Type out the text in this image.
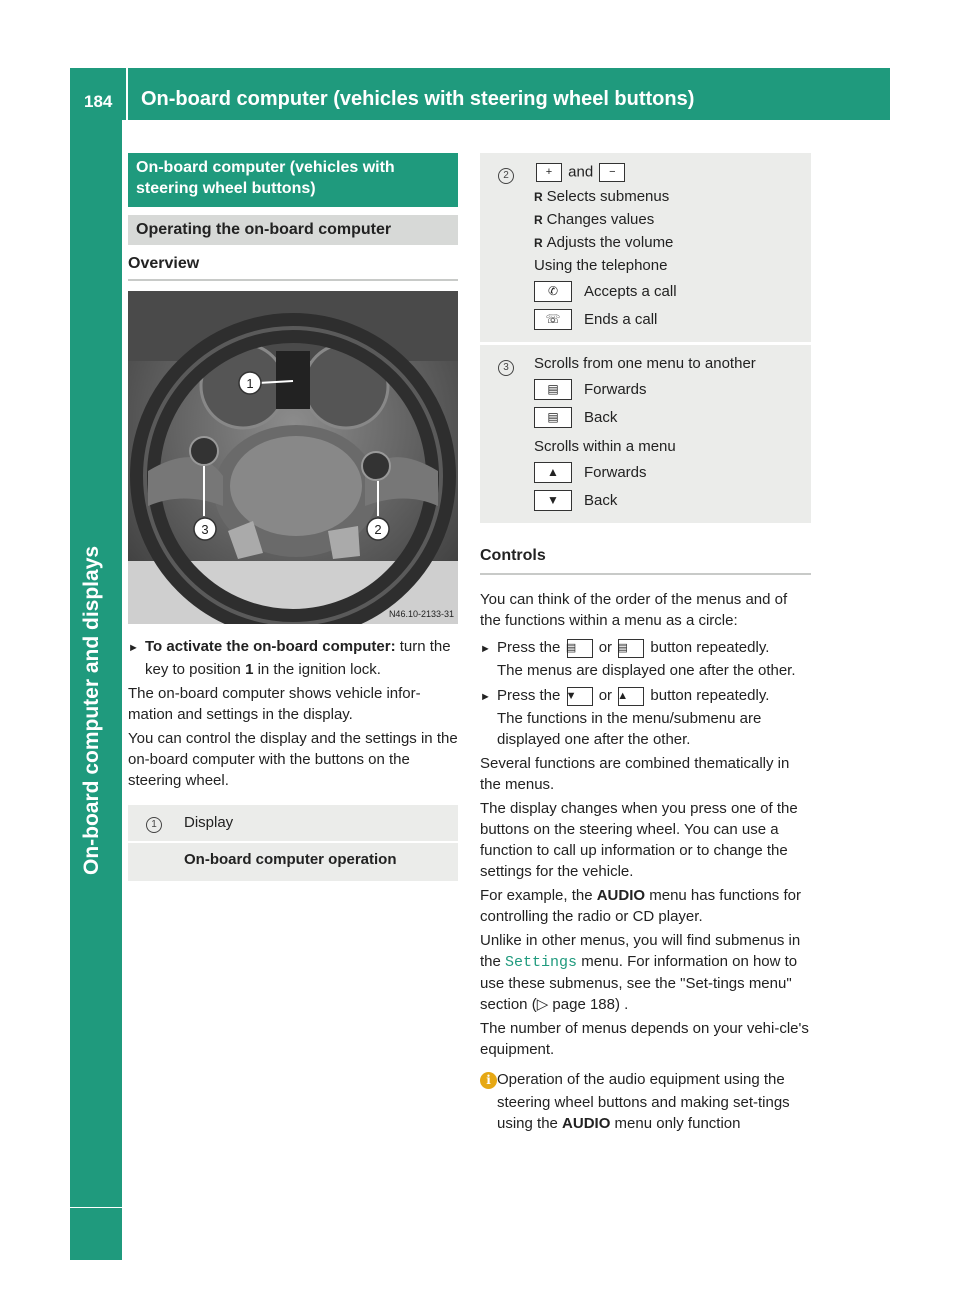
184 On-board computer (vehicles with steering wheel buttons)
On-board computer and displays
On-board computer (vehicles with steering wheel buttons)
Operating the on-board computer
Overview
1
2
3
N46.10-2133-31

► To activate the on-board computer: turn the key to position 1 in the ignition lock.

The on-board computer shows vehicle infor-mation and settings in the display.

You can control the display and the settings in the on-board computer with the buttons on the steering wheel.

1	Display
On-board computer operation
2	+ and −
R Selects submenus
R Changes values
R Adjusts the volume
Using the telephone
✆	Accepts a call
☏	Ends a call
3	Scrolls from one menu to another
▤	Forwards
▤	Back
Scrolls within a menu
▲	Forwards
▼	Back
Controls

You can think of the order of the menus and of the functions within a menu as a circle:

► Press the ▤ or ▤ button repeatedly.
The menus are displayed one after the other.

► Press the ▼ or ▲ button repeatedly.
The functions in the menu/submenu are displayed one after the other.

Several functions are combined thematically in the menus.

The display changes when you press one of the buttons on the steering wheel. You can use a function to call up information or to change the settings for the vehicle.

For example, the AUDIO menu has functions for controlling the radio or CD player.

Unlike in other menus, you will find submenus in the Settings menu. For information on how to use these submenus, see the "Set-tings menu" section (▷ page 188) .

The number of menus depends on your vehi-cle's equipment.

i Operation of the audio equipment using the steering wheel buttons and making set-tings using the AUDIO menu only function
